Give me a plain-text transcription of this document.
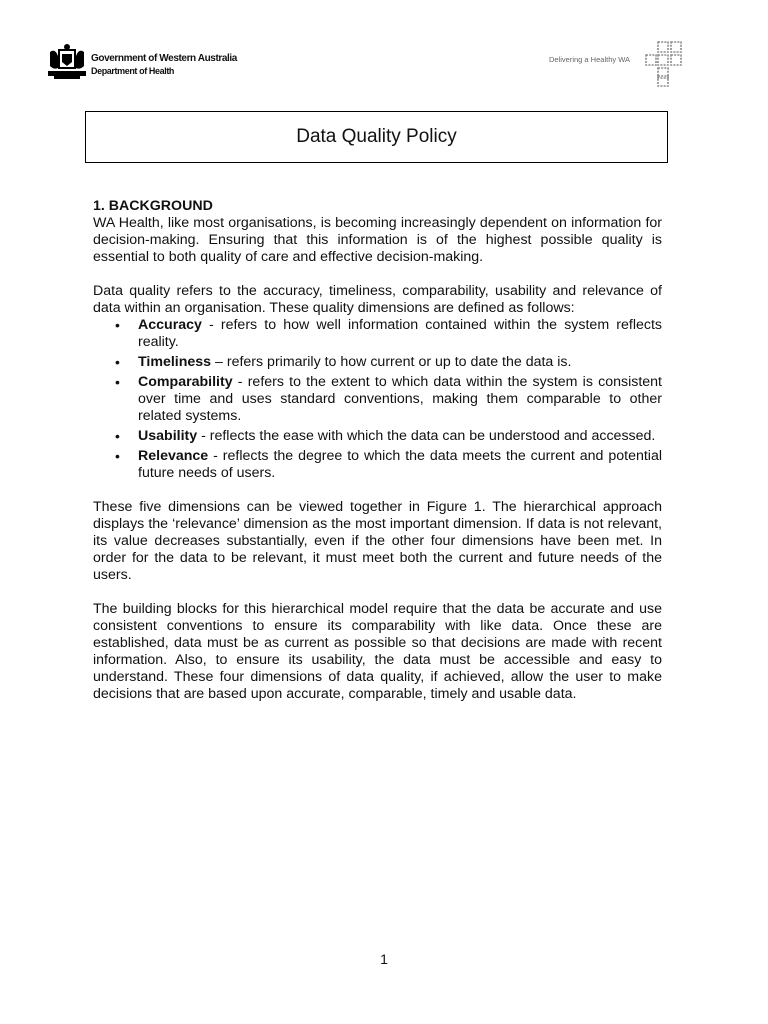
Government of Western Australia
Department of Health
Delivering a Healthy WA
Data Quality Policy

1. BACKGROUND

WA Health, like most organisations, is becoming increasingly dependent on information for decision-making. Ensuring that this information is of the highest possible quality is essential to both quality of care and effective decision-making.

Data quality refers to the accuracy, timeliness, comparability, usability and relevance of data within an organisation. These quality dimensions are defined as follows:

• Accuracy - refers to how well information contained within the system reflects reality.
• Timeliness – refers primarily to how current or up to date the data is.
• Comparability - refers to the extent to which data within the system is consistent over time and uses standard conventions, making them comparable to other related systems.
• Usability - reflects the ease with which the data can be understood and accessed.
• Relevance - reflects the degree to which the data meets the current and potential future needs of users.

These five dimensions can be viewed together in Figure 1. The hierarchical approach displays the ‘relevance’ dimension as the most important dimension. If data is not relevant, its value decreases substantially, even if the other four dimensions have been met. In order for the data to be relevant, it must meet both the current and future needs of the users.

The building blocks for this hierarchical model require that the data be accurate and use consistent conventions to ensure its comparability with like data. Once these are established, data must be as current as possible so that decisions are made with recent information. Also, to ensure its usability, the data must be accessible and easy to understand. These four dimensions of data quality, if achieved, allow the user to make decisions that are based upon accurate, comparable, timely and usable data.

1
